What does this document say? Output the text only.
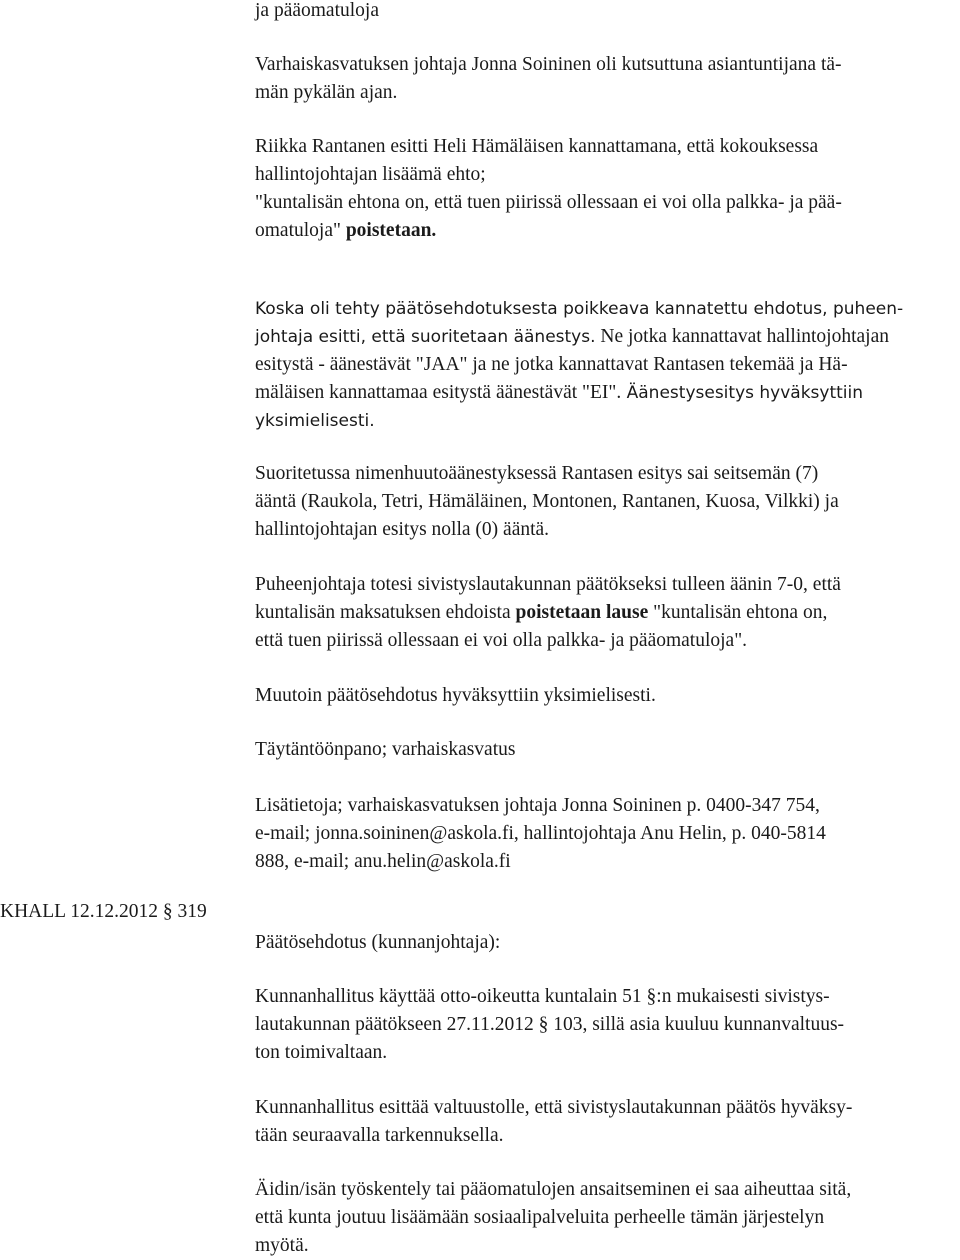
ja pääomatuloja
Varhaiskasvatuksen johtaja Jonna Soininen oli kutsuttuna asiantuntijana tä-
män pykälän ajan.
Riikka Rantanen esitti Heli Hämäläisen kannattamana, että kokouksessa
hallintojohtajan lisäämä ehto;
"kuntalisän ehtona on, että tuen piirissä ollessaan ei voi olla palkka- ja pää-
omatuloja" poistetaan.
Koska oli tehty päätösehdotuksesta poikkeava kannatettu ehdotus, puheen-
johtaja esitti, että suoritetaan äänestys. Ne jotka kannattavat hallintojohtajan
esitystä - äänestävät "JAA" ja ne jotka kannattavat Rantasen tekemää ja Hä-
mäläisen kannattamaa esitystä äänestävät "EI". Äänestysesitys hyväksyttiin
yksimielisesti.
Suoritetussa nimenhuutoäänestyksessä Rantasen esitys sai seitsemän (7)
ääntä (Raukola, Tetri, Hämäläinen, Montonen, Rantanen, Kuosa, Vilkki) ja
hallintojohtajan esitys nolla (0) ääntä.
Puheenjohtaja totesi sivistyslautakunnan päätökseksi tulleen äänin 7-0, että
kuntalisän maksatuksen ehdoista poistetaan lause "kuntalisän ehtona on,
että tuen piirissä ollessaan ei voi olla palkka- ja pääomatuloja".
Muutoin päätösehdotus hyväksyttiin yksimielisesti.
Täytäntöönpano; varhaiskasvatus
Lisätietoja; varhaiskasvatuksen johtaja Jonna Soininen p. 0400-347 754,
e-mail; jonna.soininen@askola.fi, hallintojohtaja Anu Helin, p. 040-5814
888, e-mail; anu.helin@askola.fi
KHALL 12.12.2012 § 319
Päätösehdotus (kunnanjohtaja):
Kunnanhallitus käyttää otto-oikeutta kuntalain 51 §:n mukaisesti sivistys-
lautakunnan päätökseen 27.11.2012 § 103, sillä asia kuuluu kunnanvaltuus-
ton toimivaltaan.
Kunnanhallitus esittää valtuustolle, että sivistyslautakunnan päätös hyväksy-
tään seuraavalla tarkennuksella.
Äidin/isän työskentely tai pääomatulojen ansaitseminen ei saa aiheuttaa sitä,
että kunta joutuu lisäämään sosiaalipalveluita perheelle tämän järjestelyn
myötä.
